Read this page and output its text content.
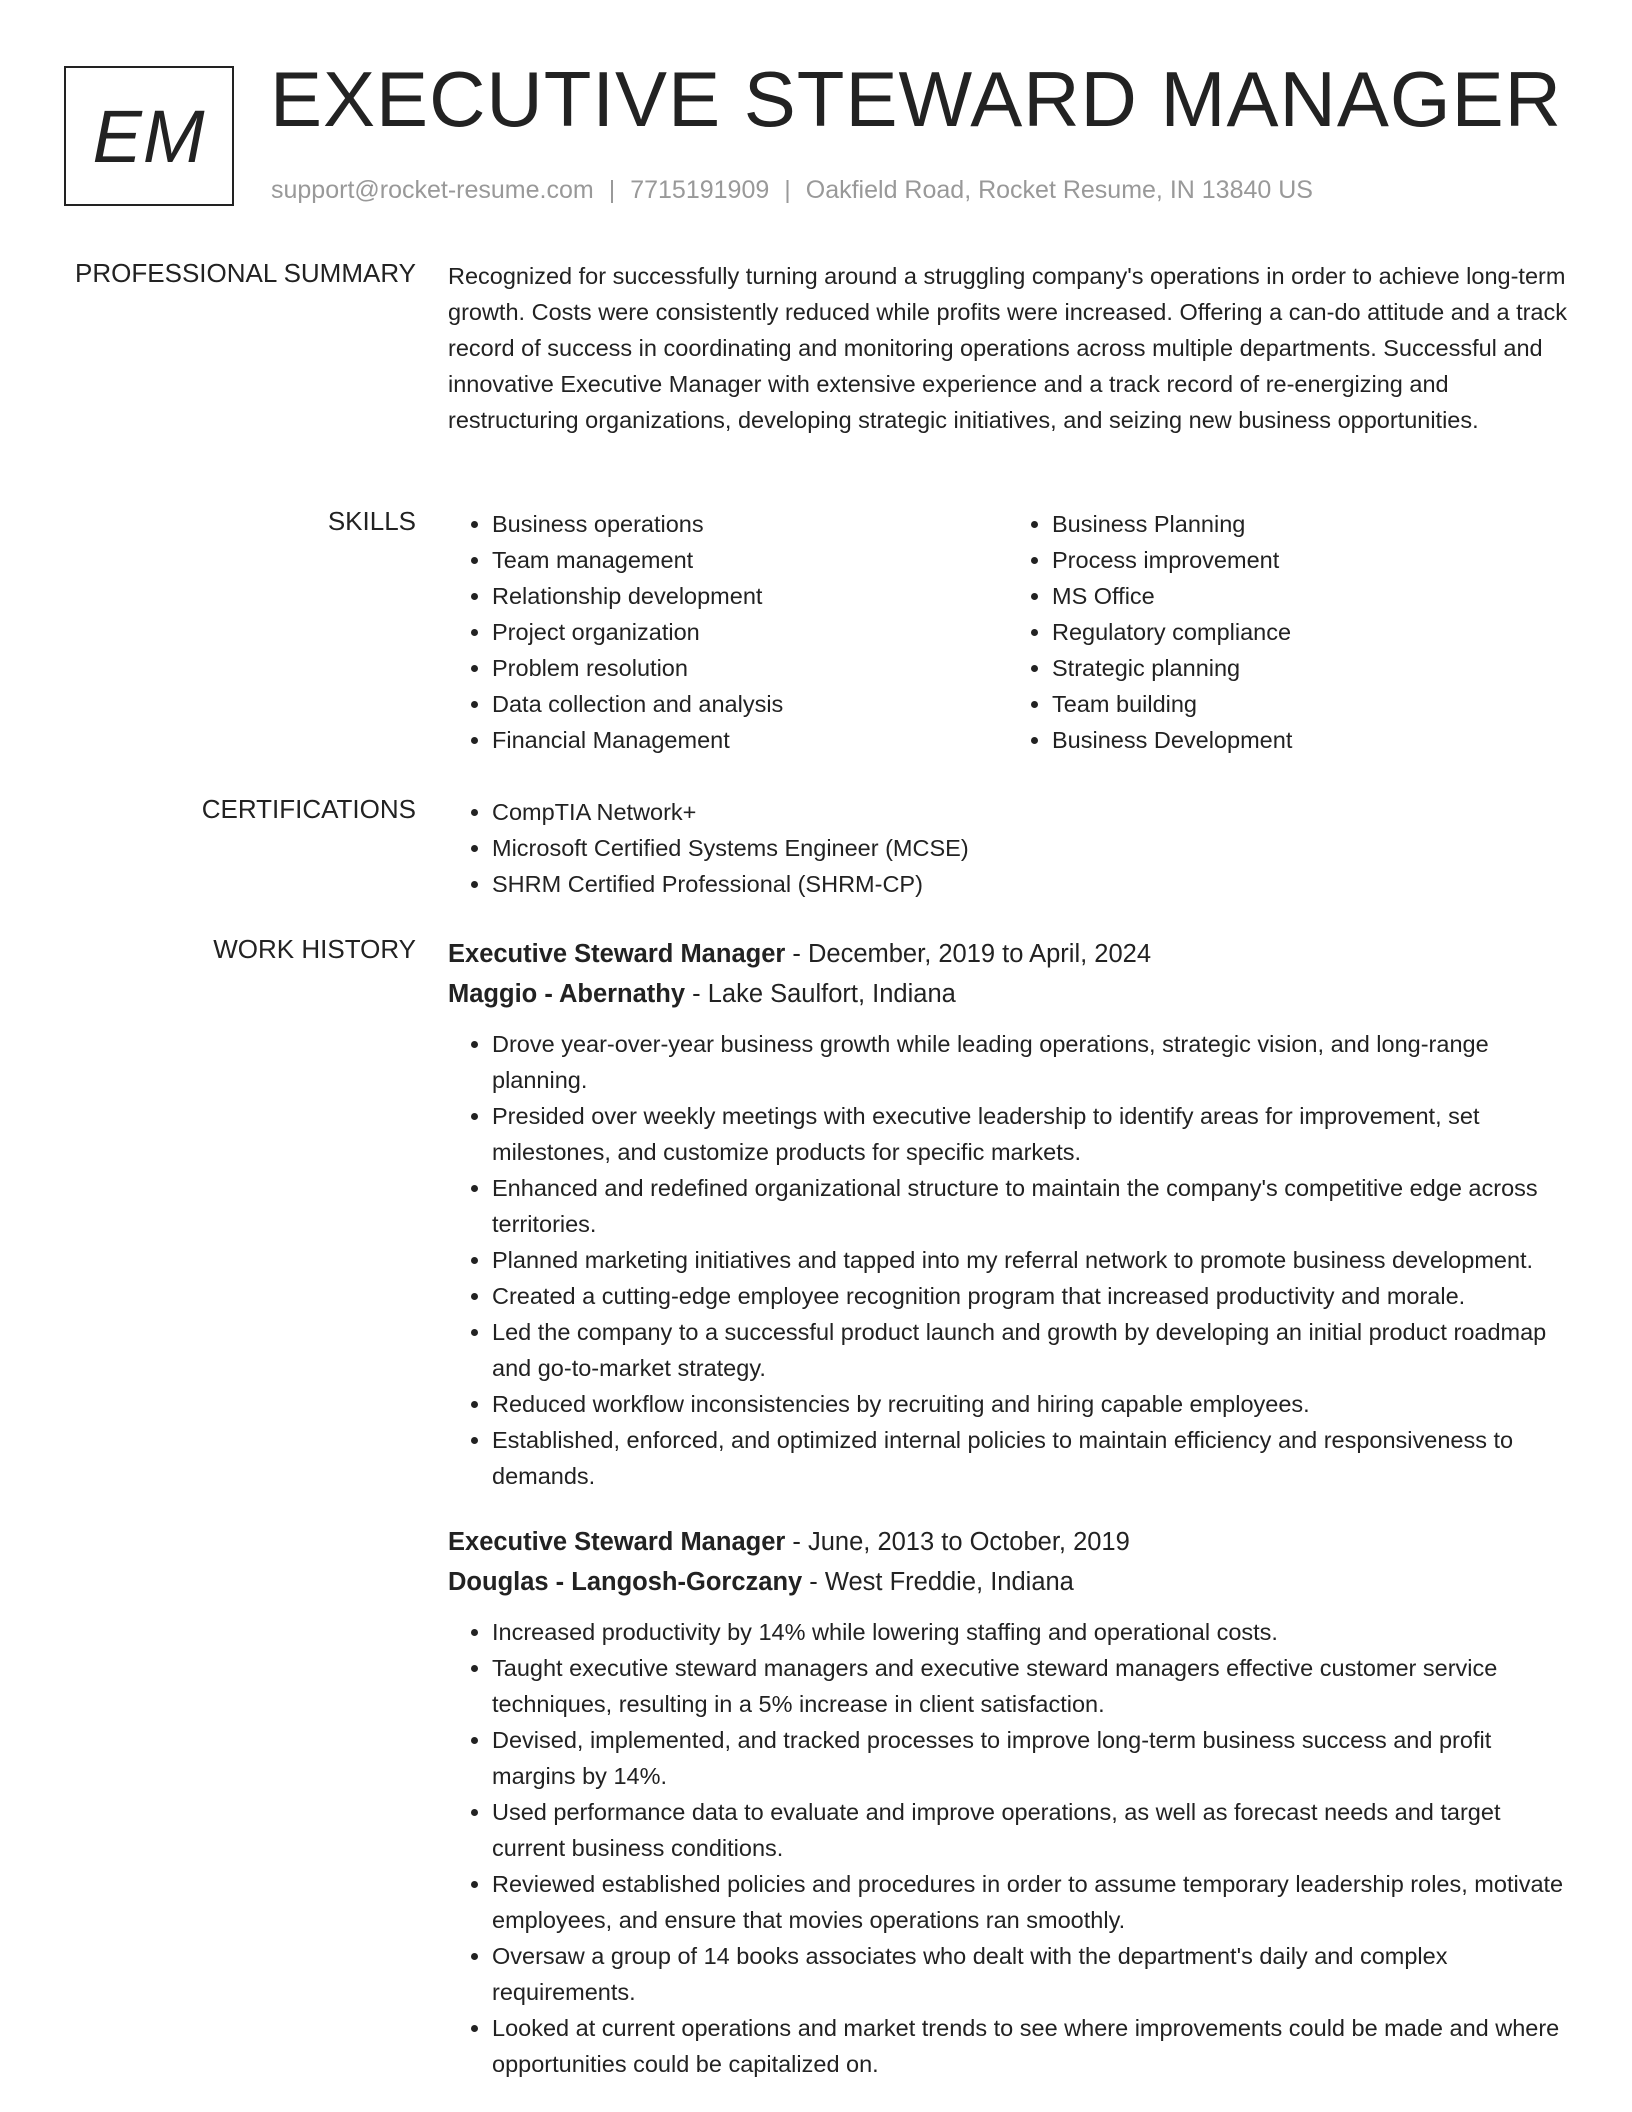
EM EXECUTIVE STEWARD MANAGER
support@rocket-resume.com | 7715191909 | Oakfield Road, Rocket Resume, IN 13840 US
PROFESSIONAL SUMMARY Recognized for successfully turning around a struggling company's operations in order to achieve long-term growth. Costs were consistently reduced while profits were increased. Offering a can-do attitude and a track record of success in coordinating and monitoring operations across multiple departments. Successful and innovative Executive Manager with extensive experience and a track record of re-energizing and restructuring organizations, developing strategic initiatives, and seizing new business opportunities.
SKILLS	• Business operations
• Team management
• Relationship development
• Project organization
• Problem resolution
• Data collection and analysis
• Financial Management
• Business Planning
• Process improvement
• MS Office
• Regulatory compliance
• Strategic planning
• Team building
• Business Development
CERTIFICATIONS	• CompTIA Network+
• Microsoft Certified Systems Engineer (MCSE)
• SHRM Certified Professional (SHRM-CP)
WORK HISTORY Executive Steward Manager - December, 2019 to April, 2024
Maggio - Abernathy - Lake Saulfort, Indiana
• Drove year-over-year business growth while leading operations, strategic vision, and long-range planning.
• Presided over weekly meetings with executive leadership to identify areas for improvement, set milestones, and customize products for specific markets.
• Enhanced and redefined organizational structure to maintain the company's competitive edge across territories.
• Planned marketing initiatives and tapped into my referral network to promote business development.
• Created a cutting-edge employee recognition program that increased productivity and morale.
• Led the company to a successful product launch and growth by developing an initial product roadmap and go-to-market strategy.
• Reduced workflow inconsistencies by recruiting and hiring capable employees.
• Established, enforced, and optimized internal policies to maintain efficiency and responsiveness to demands.
Executive Steward Manager - June, 2013 to October, 2019
Douglas - Langosh-Gorczany - West Freddie, Indiana
• Increased productivity by 14% while lowering staffing and operational costs.
• Taught executive steward managers and executive steward managers effective customer service techniques, resulting in a 5% increase in client satisfaction.
• Devised, implemented, and tracked processes to improve long-term business success and profit margins by 14%.
• Used performance data to evaluate and improve operations, as well as forecast needs and target current business conditions.
• Reviewed established policies and procedures in order to assume temporary leadership roles, motivate employees, and ensure that movies operations ran smoothly.
• Oversaw a group of 14 books associates who dealt with the department's daily and complex requirements.
• Looked at current operations and market trends to see where improvements could be made and where opportunities could be capitalized on.
